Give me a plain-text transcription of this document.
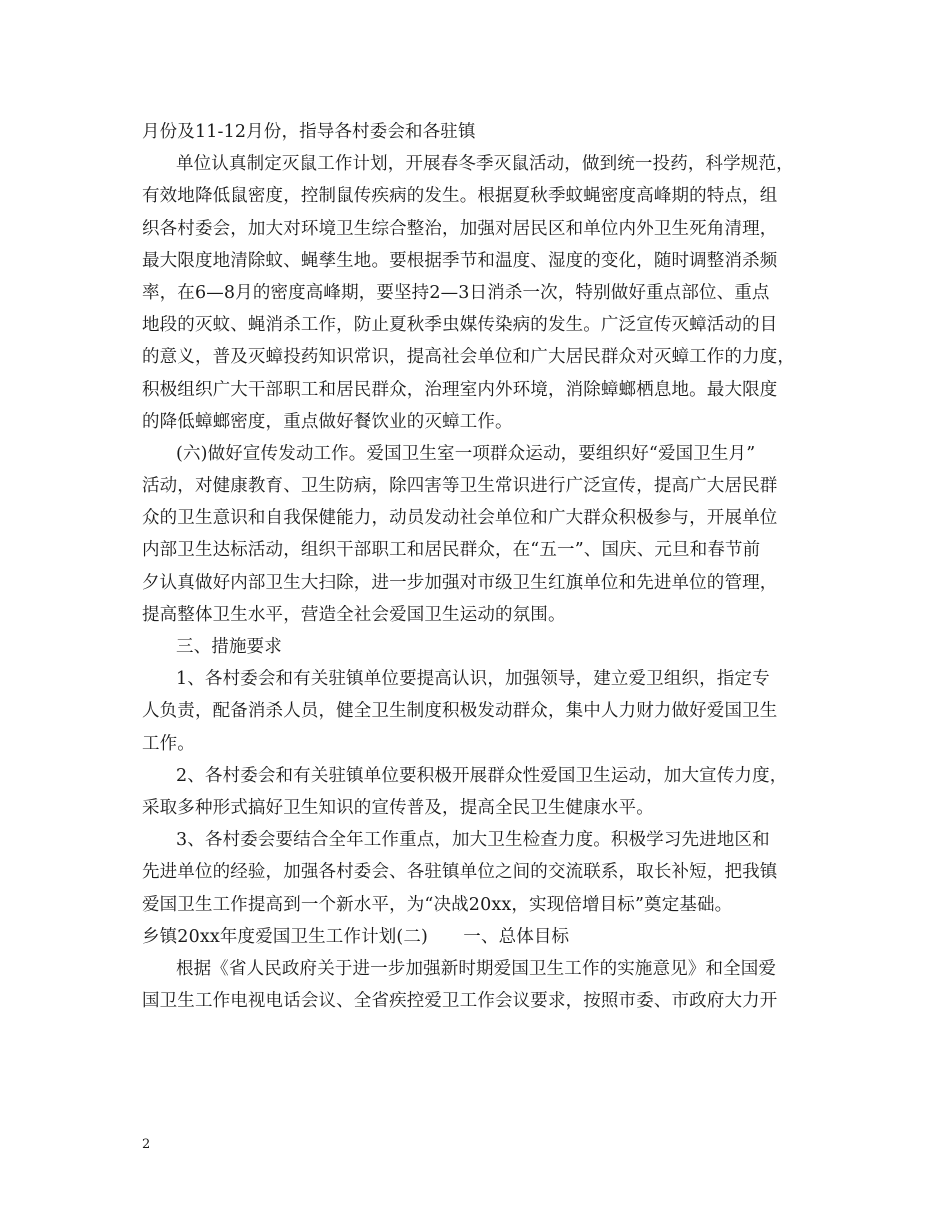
月份及11-12月份，指导各村委会和各驻镇
单位认真制定灭鼠工作计划，开展春冬季灭鼠活动，做到统一投药，科学规范，
有效地降低鼠密度，控制鼠传疾病的发生。根据夏秋季蚊蝇密度高峰期的特点，组
织各村委会，加大对环境卫生综合整治，加强对居民区和单位内外卫生死角清理，
最大限度地清除蚊、蝇孳生地。要根据季节和温度、湿度的变化，随时调整消杀频
率，在6—8月的密度高峰期，要坚持2—3日消杀一次，特别做好重点部位、重点
地段的灭蚊、蝇消杀工作，防止夏秋季虫媒传染病的发生。广泛宣传灭蟑活动的目
的意义，普及灭蟑投药知识常识，提高社会单位和广大居民群众对灭蟑工作的力度，
积极组织广大干部职工和居民群众，治理室内外环境，消除蟑螂栖息地。最大限度
的降低蟑螂密度，重点做好餐饮业的灭蟑工作。
(六)做好宣传发动工作。爱国卫生室一项群众运动，要组织好“爱国卫生月”
活动，对健康教育、卫生防病，除四害等卫生常识进行广泛宣传，提高广大居民群
众的卫生意识和自我保健能力，动员发动社会单位和广大群众积极参与，开展单位
内部卫生达标活动，组织干部职工和居民群众，在“五一”、国庆、元旦和春节前
夕认真做好内部卫生大扫除，进一步加强对市级卫生红旗单位和先进单位的管理，
提高整体卫生水平，营造全社会爱国卫生运动的氛围。
三、措施要求
1、各村委会和有关驻镇单位要提高认识，加强领导，建立爱卫组织，指定专
人负责，配备消杀人员，健全卫生制度积极发动群众，集中人力财力做好爱国卫生
工作。
2、各村委会和有关驻镇单位要积极开展群众性爱国卫生运动，加大宣传力度，
采取多种形式搞好卫生知识的宣传普及，提高全民卫生健康水平。
3、各村委会要结合全年工作重点，加大卫生检查力度。积极学习先进地区和
先进单位的经验，加强各村委会、各驻镇单位之间的交流联系，取长补短，把我镇
爱国卫生工作提高到一个新水平，为“决战20xx，实现倍增目标”奠定基础。
乡镇20xx年度爱国卫生工作计划(二)　　一、总体目标
根据《省人民政府关于进一步加强新时期爱国卫生工作的实施意见》和全国爱
国卫生工作电视电话会议、全省疾控爱卫工作会议要求，按照市委、市政府大力开
2
